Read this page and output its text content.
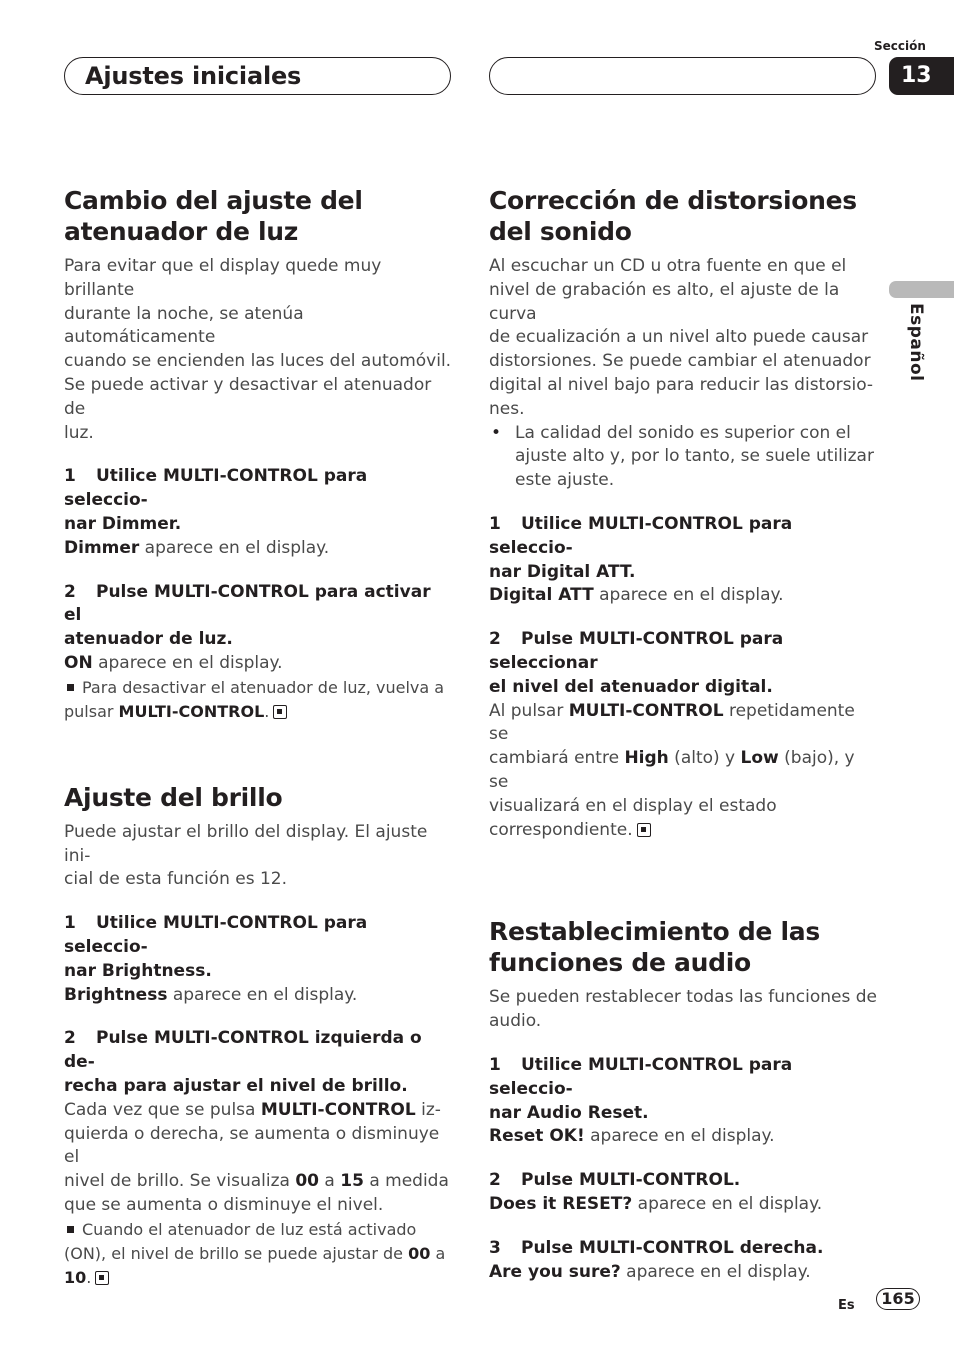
Ajustes iniciales
Sección
13
Español
Cambio del ajuste del
atenuador de luz

Para evitar que el display quede muy brillante
durante la noche, se atenúa automáticamente
cuando se encienden las luces del automóvil.
Se puede activar y desactivar el atenuador de
luz.

1 Utilice MULTI-CONTROL para seleccio-
nar Dimmer.

Dimmer aparece en el display.

2 Pulse MULTI-CONTROL para activar el
atenuador de luz.

ON aparece en el display.

Para desactivar el atenuador de luz, vuelva a
pulsar MULTI-CONTROL.

Ajuste del brillo

Puede ajustar el brillo del display. El ajuste ini-
cial de esta función es 12.

1 Utilice MULTI-CONTROL para seleccio-
nar Brightness.

Brightness aparece en el display.

2 Pulse MULTI-CONTROL izquierda o de-
recha para ajustar el nivel de brillo.

Cada vez que se pulsa MULTI-CONTROL iz-
quierda o derecha, se aumenta o disminuye el
nivel de brillo. Se visualiza 00 a 15 a medida
que se aumenta o disminuye el nivel.

Cuando el atenuador de luz está activado
(ON), el nivel de brillo se puede ajustar de 00 a
10.

Corrección de distorsiones
del sonido

Al escuchar un CD u otra fuente en que el
nivel de grabación es alto, el ajuste de la curva
de ecualización a un nivel alto puede causar
distorsiones. Se puede cambiar el atenuador
digital al nivel bajo para reducir las distorsio-
nes.

• La calidad del sonido es superior con el
ajuste alto y, por lo tanto, se suele utilizar
este ajuste.

1 Utilice MULTI-CONTROL para seleccio-
nar Digital ATT.

Digital ATT aparece en el display.

2 Pulse MULTI-CONTROL para seleccionar
el nivel del atenuador digital.

Al pulsar MULTI-CONTROL repetidamente se
cambiará entre High (alto) y Low (bajo), y se
visualizará en el display el estado
correspondiente.

Restablecimiento de las
funciones de audio

Se pueden restablecer todas las funciones de
audio.

1 Utilice MULTI-CONTROL para seleccio-
nar Audio Reset.

Reset OK! aparece en el display.

2 Pulse MULTI-CONTROL.

Does it RESET? aparece en el display.

3 Pulse MULTI-CONTROL derecha.

Are you sure? aparece en el display.

Es	165
